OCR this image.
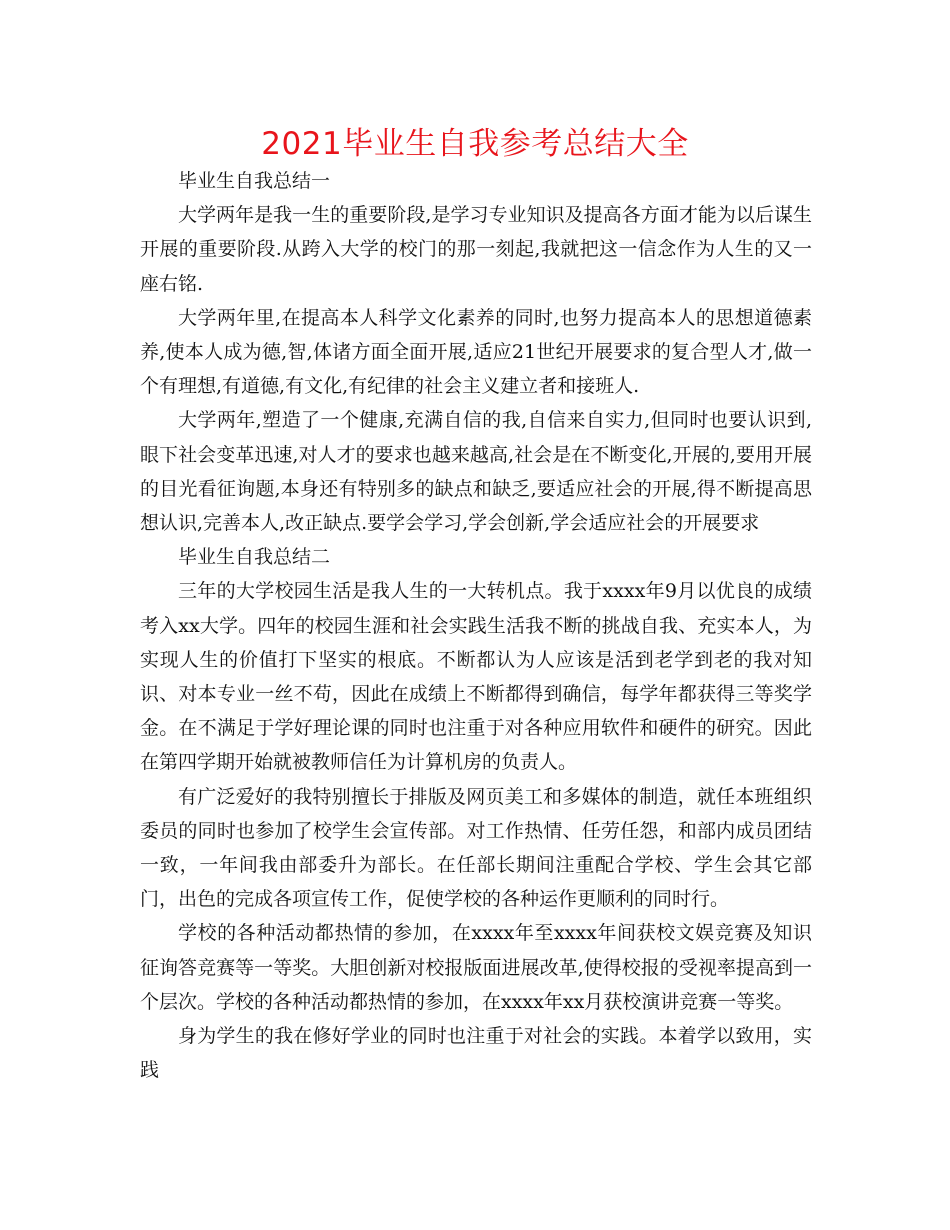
2021毕业生自我参考总结大全

毕业生自我总结一

大学两年是我一生的重要阶段,是学习专业知识及提高各方面才能为以后谋生开展的重要阶段.从跨入大学的校门的那一刻起,我就把这一信念作为人生的又一座右铭.

大学两年里,在提高本人科学文化素养的同时,也努力提高本人的思想道德素养,使本人成为德,智,体诸方面全面开展,适应21世纪开展要求的复合型人才,做一个有理想,有道德,有文化,有纪律的社会主义建立者和接班人.

大学两年,塑造了一个健康,充满自信的我,自信来自实力,但同时也要认识到,眼下社会变革迅速,对人才的要求也越来越高,社会是在不断变化,开展的,要用开展的目光看征询题,本身还有特别多的缺点和缺乏,要适应社会的开展,得不断提高思想认识,完善本人,改正缺点.要学会学习,学会创新,学会适应社会的开展要求

毕业生自我总结二

三年的大学校园生活是我人生的一大转机点。我于xxxx年9月以优良的成绩考入xx大学。四年的校园生涯和社会实践生活我不断的挑战自我、充实本人，为实现人生的价值打下坚实的根底。不断都认为人应该是活到老学到老的我对知识、对本专业一丝不苟，因此在成绩上不断都得到确信，每学年都获得三等奖学金。在不满足于学好理论课的同时也注重于对各种应用软件和硬件的研究。因此在第四学期开始就被教师信任为计算机房的负责人。

有广泛爱好的我特别擅长于排版及网页美工和多媒体的制造，就任本班组织委员的同时也参加了校学生会宣传部。对工作热情、任劳任怨，和部内成员团结一致，一年间我由部委升为部长。在任部长期间注重配合学校、学生会其它部门，出色的完成各项宣传工作，促使学校的各种运作更顺利的同时行。

学校的各种活动都热情的参加，在xxxx年至xxxx年间获校文娱竞赛及知识征询答竞赛等一等奖。大胆创新对校报版面进展改革,使得校报的受视率提高到一个层次。学校的各种活动都热情的参加，在xxxx年xx月获校演讲竞赛一等奖。

身为学生的我在修好学业的同时也注重于对社会的实践。本着学以致用，实践
